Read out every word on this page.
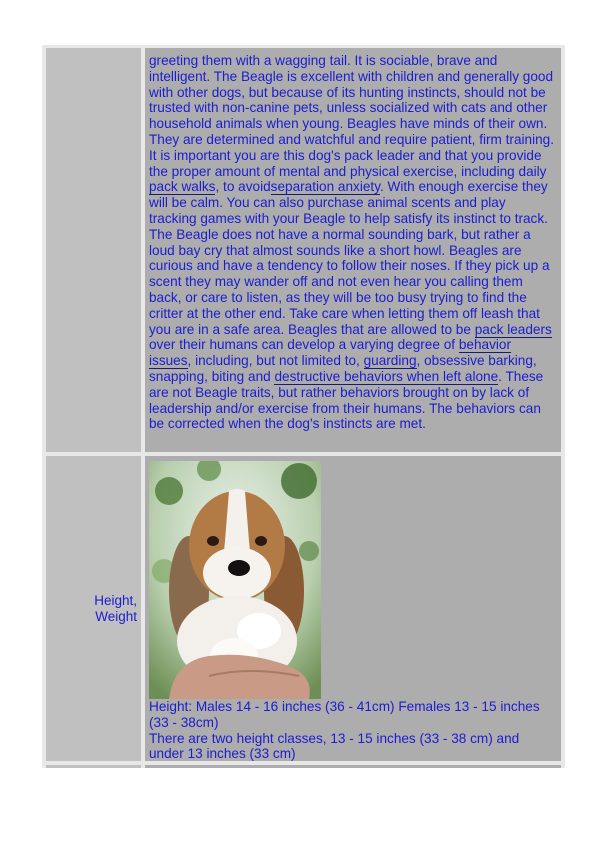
greeting them with a wagging tail. It is sociable, brave and intelligent. The Beagle is excellent with children and generally good with other dogs, but because of its hunting instincts, should not be trusted with non-canine pets, unless socialized with cats and other household animals when young. Beagles have minds of their own. They are determined and watchful and require patient, firm training. It is important you are this dog's pack leader and that you provide the proper amount of mental and physical exercise, including daily pack walks, to avoidseparation anxiety. With enough exercise they will be calm. You can also purchase animal scents and play tracking games with your Beagle to help satisfy its instinct to track. The Beagle does not have a normal sounding bark, but rather a loud bay cry that almost sounds like a short howl. Beagles are curious and have a tendency to follow their noses. If they pick up a scent they may wander off and not even hear you calling them back, or care to listen, as they will be too busy trying to find the critter at the other end. Take care when letting them off leash that you are in a safe area. Beagles that are allowed to be pack leaders over their humans can develop a varying degree of behavior issues, including, but not limited to, guarding, obsessive barking, snapping, biting and destructive behaviors when left alone. These are not Beagle traits, but rather behaviors brought on by lack of leadership and/or exercise from their humans. The behaviors can be corrected when the dog's instincts are met.
Height,
Weight
Height: Males 14 - 16 inches (36 - 41cm) Females 13 - 15 inches (33 - 38cm)
There are two height classes, 13 - 15 inches (33 - 38 cm) and under 13 inches (33 cm)
